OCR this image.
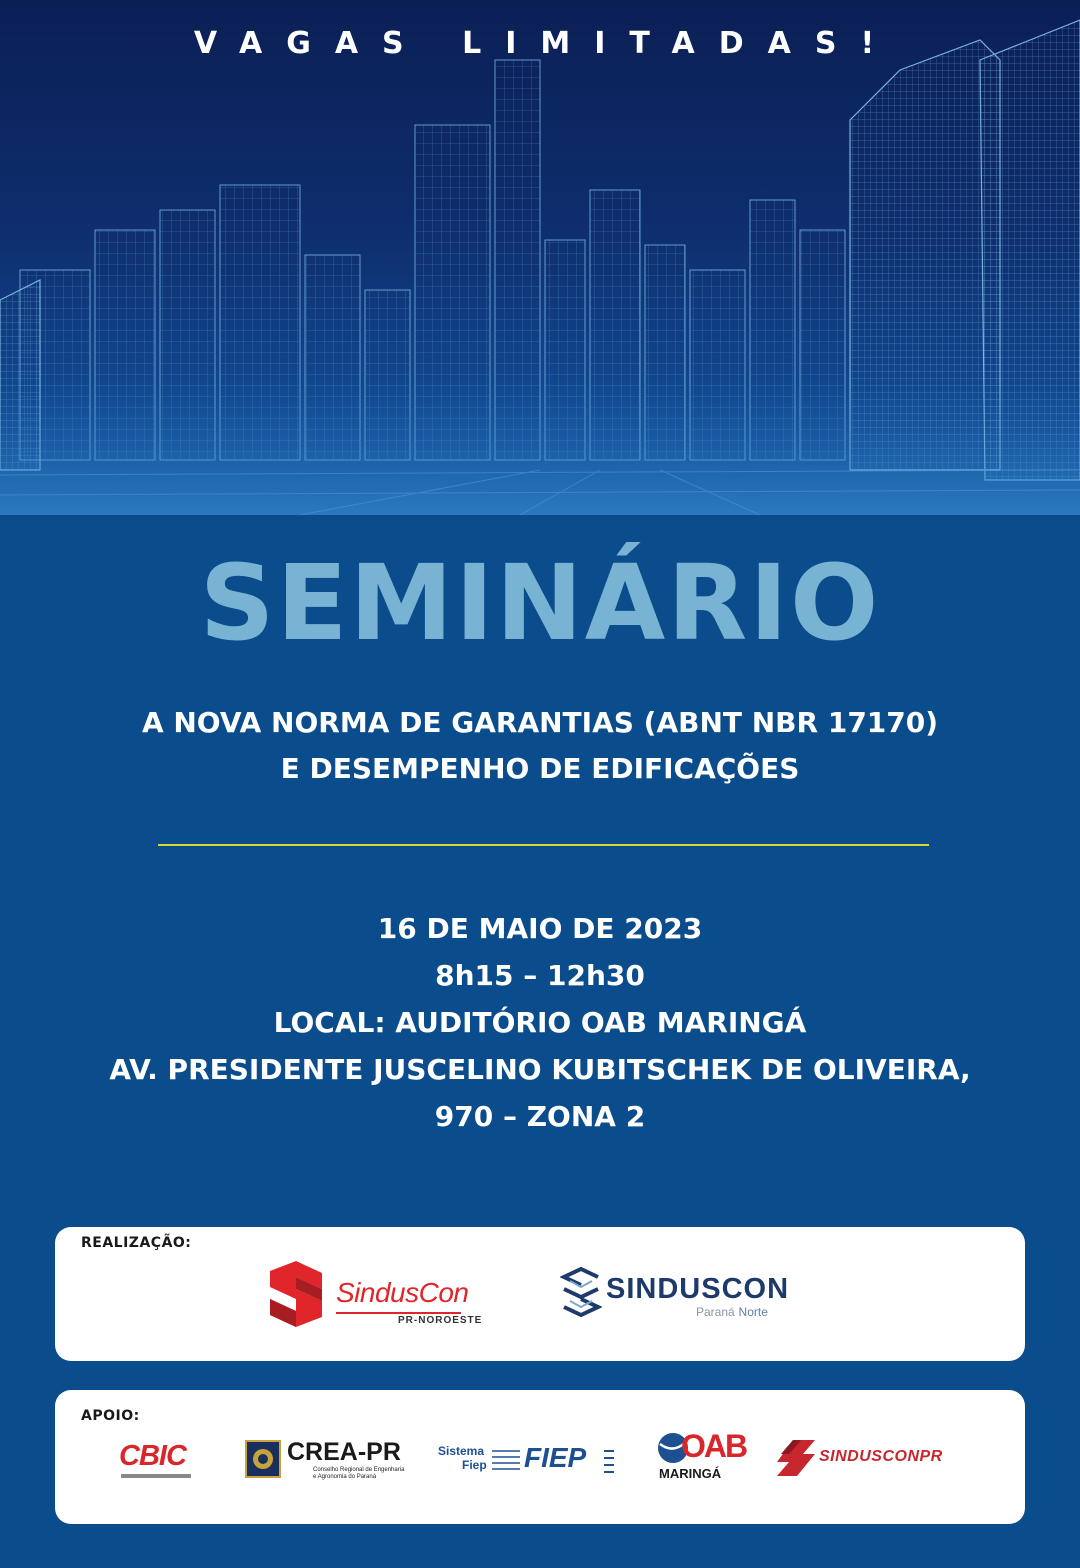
VAGAS LIMITADAS!
SEMINÁRIO
A NOVA NORMA DE GARANTIAS (ABNT NBR 17170)
E DESEMPENHO DE EDIFICAÇÕES
16 DE MAIO DE 2023
8h15 – 12h30
LOCAL: AUDITÓRIO OAB MARINGÁ
AV. PRESIDENTE JUSCELINO KUBITSCHEK DE OLIVEIRA,
970 – ZONA 2
REALIZAÇÃO:
SindusCon
PR-NOROESTE
SINDUSCON
Paraná Norte
APOIO:
CBIC	CREA-PR
Conselho Regional de Engenharia
e Agronomia do Paraná
Sistema
Fiep FIEP	OAB
MARINGÁ
SINDUSCONPR
